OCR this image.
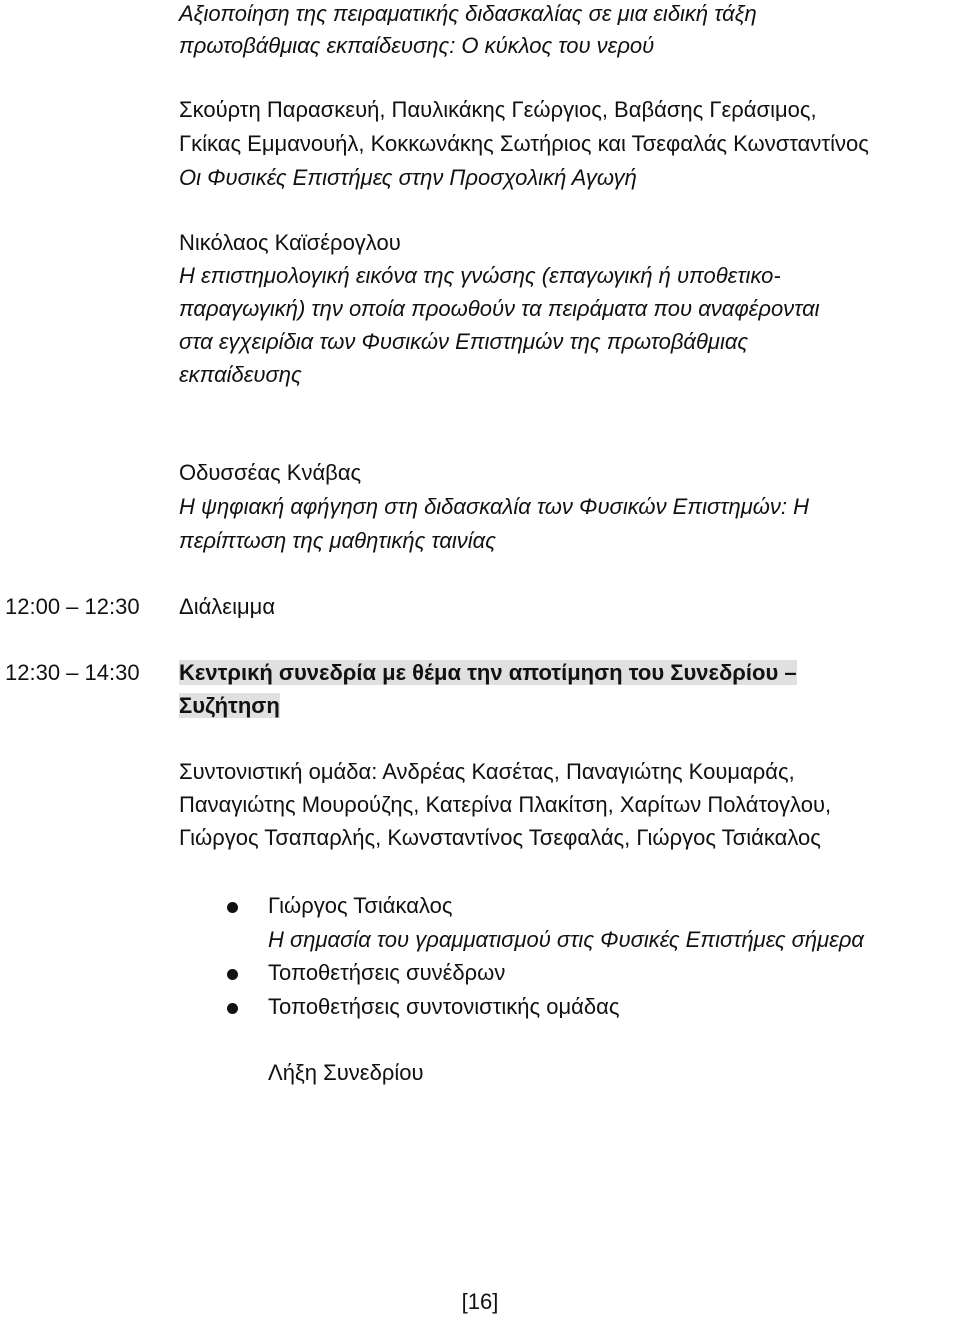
Αξιοποίηση της πειραματικής διδασκαλίας σε μια ειδική τάξη
πρωτοβάθμιας εκπαίδευσης: Ο κύκλος του νερού
Σκούρτη Παρασκευή, Παυλικάκης Γεώργιος, Βαβάσης Γεράσιμος,
Γκίκας Εμμανουήλ, Κοκκωνάκης Σωτήριος και Τσεφαλάς Κωνσταντίνος
Οι Φυσικές Επιστήμες στην Προσχολική Αγωγή
Νικόλαος Καϊσέρογλου
Η επιστημολογική εικόνα της γνώσης (επαγωγική ή υποθετικο-
παραγωγική) την οποία προωθούν τα πειράματα που αναφέρονται
στα εγχειρίδια των Φυσικών Επιστημών της πρωτοβάθμιας
εκπαίδευσης
Οδυσσέας Κνάβας
Η ψηφιακή αφήγηση στη διδασκαλία των Φυσικών Επιστημών: Η
περίπτωση της μαθητικής ταινίας
12:00 – 12:30 Διάλειμμα
12:30 – 14:30 Κεντρική συνεδρία με θέμα την αποτίμηση του Συνεδρίου –
Συζήτηση
Συντονιστική ομάδα: Ανδρέας Κασέτας, Παναγιώτης Κουμαράς,
Παναγιώτης Μουρούζης, Κατερίνα Πλακίτση, Χαρίτων Πολάτογλου,
Γιώργος Τσαπαρλής, Κωνσταντίνος Τσεφαλάς, Γιώργος Τσιάκαλος
Γιώργος Τσιάκαλος
Η σημασία του γραμματισμού στις Φυσικές Επιστήμες σήμερα
Τοποθετήσεις συνέδρων
Τοποθετήσεις συντονιστικής ομάδας
Λήξη Συνεδρίου
[16]
